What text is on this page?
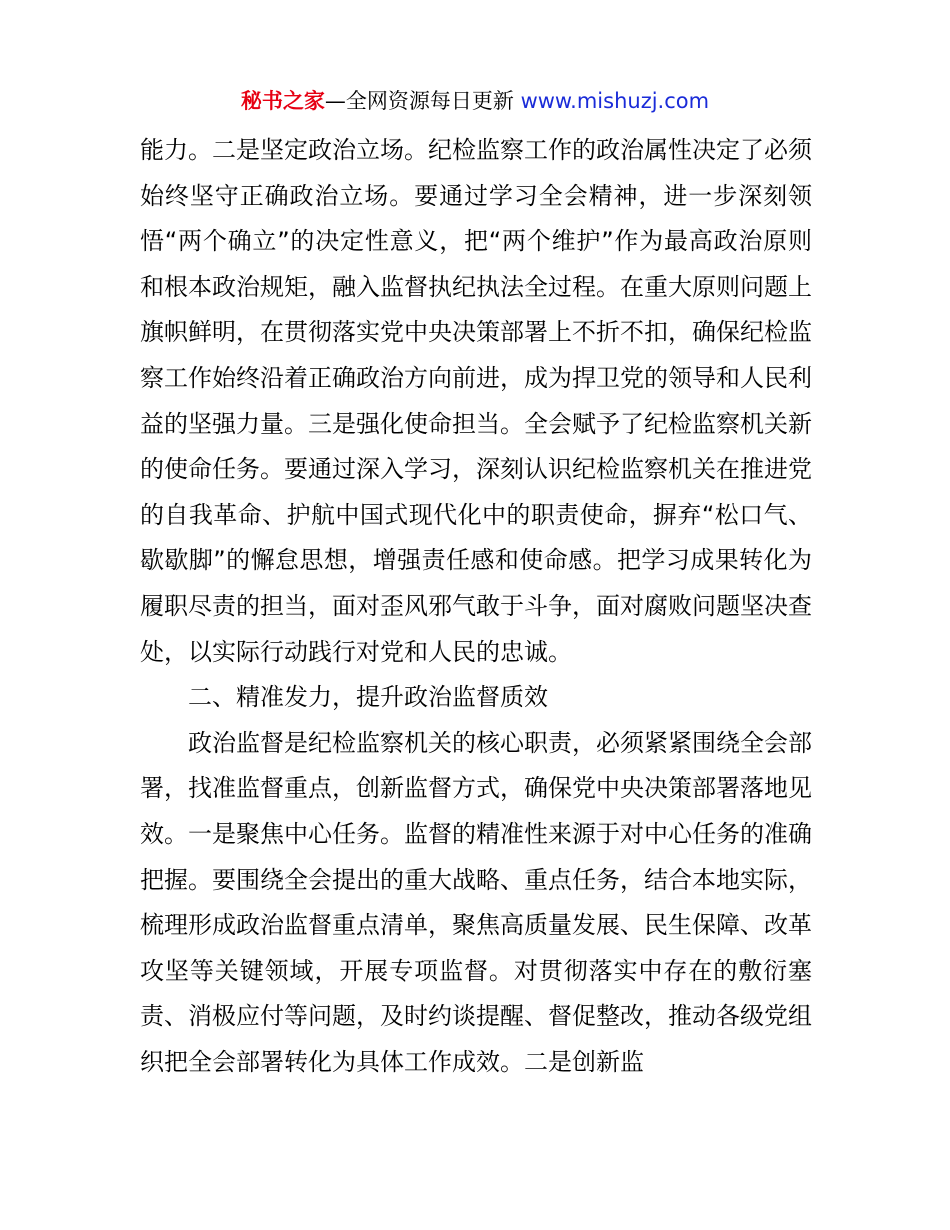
秘书之家—全网资源每日更新 www.mishuzj.com

能力。二是坚定政治立场。纪检监察工作的政治属性决定了必须始终坚守正确政治立场。要通过学习全会精神，进一步深刻领悟“两个确立”的决定性意义，把“两个维护”作为最高政治原则和根本政治规矩，融入监督执纪执法全过程。在重大原则问题上旗帜鲜明，在贯彻落实党中央决策部署上不折不扣，确保纪检监察工作始终沿着正确政治方向前进，成为捍卫党的领导和人民利益的坚强力量。三是强化使命担当。全会赋予了纪检监察机关新的使命任务。要通过深入学习，深刻认识纪检监察机关在推进党的自我革命、护航中国式现代化中的职责使命，摒弃“松口气、歇歇脚”的懈怠思想，增强责任感和使命感。把学习成果转化为履职尽责的担当，面对歪风邪气敢于斗争，面对腐败问题坚决查处，以实际行动践行对党和人民的忠诚。

二、精准发力，提升政治监督质效

政治监督是纪检监察机关的核心职责，必须紧紧围绕全会部署，找准监督重点，创新监督方式，确保党中央决策部署落地见效。一是聚焦中心任务。监督的精准性来源于对中心任务的准确把握。要围绕全会提出的重大战略、重点任务，结合本地实际，梳理形成政治监督重点清单，聚焦高质量发展、民生保障、改革攻坚等关键领域，开展专项监督。对贯彻落实中存在的敷衍塞责、消极应付等问题，及时约谈提醒、督促整改，推动各级党组织把全会部署转化为具体工作成效。二是创新监
